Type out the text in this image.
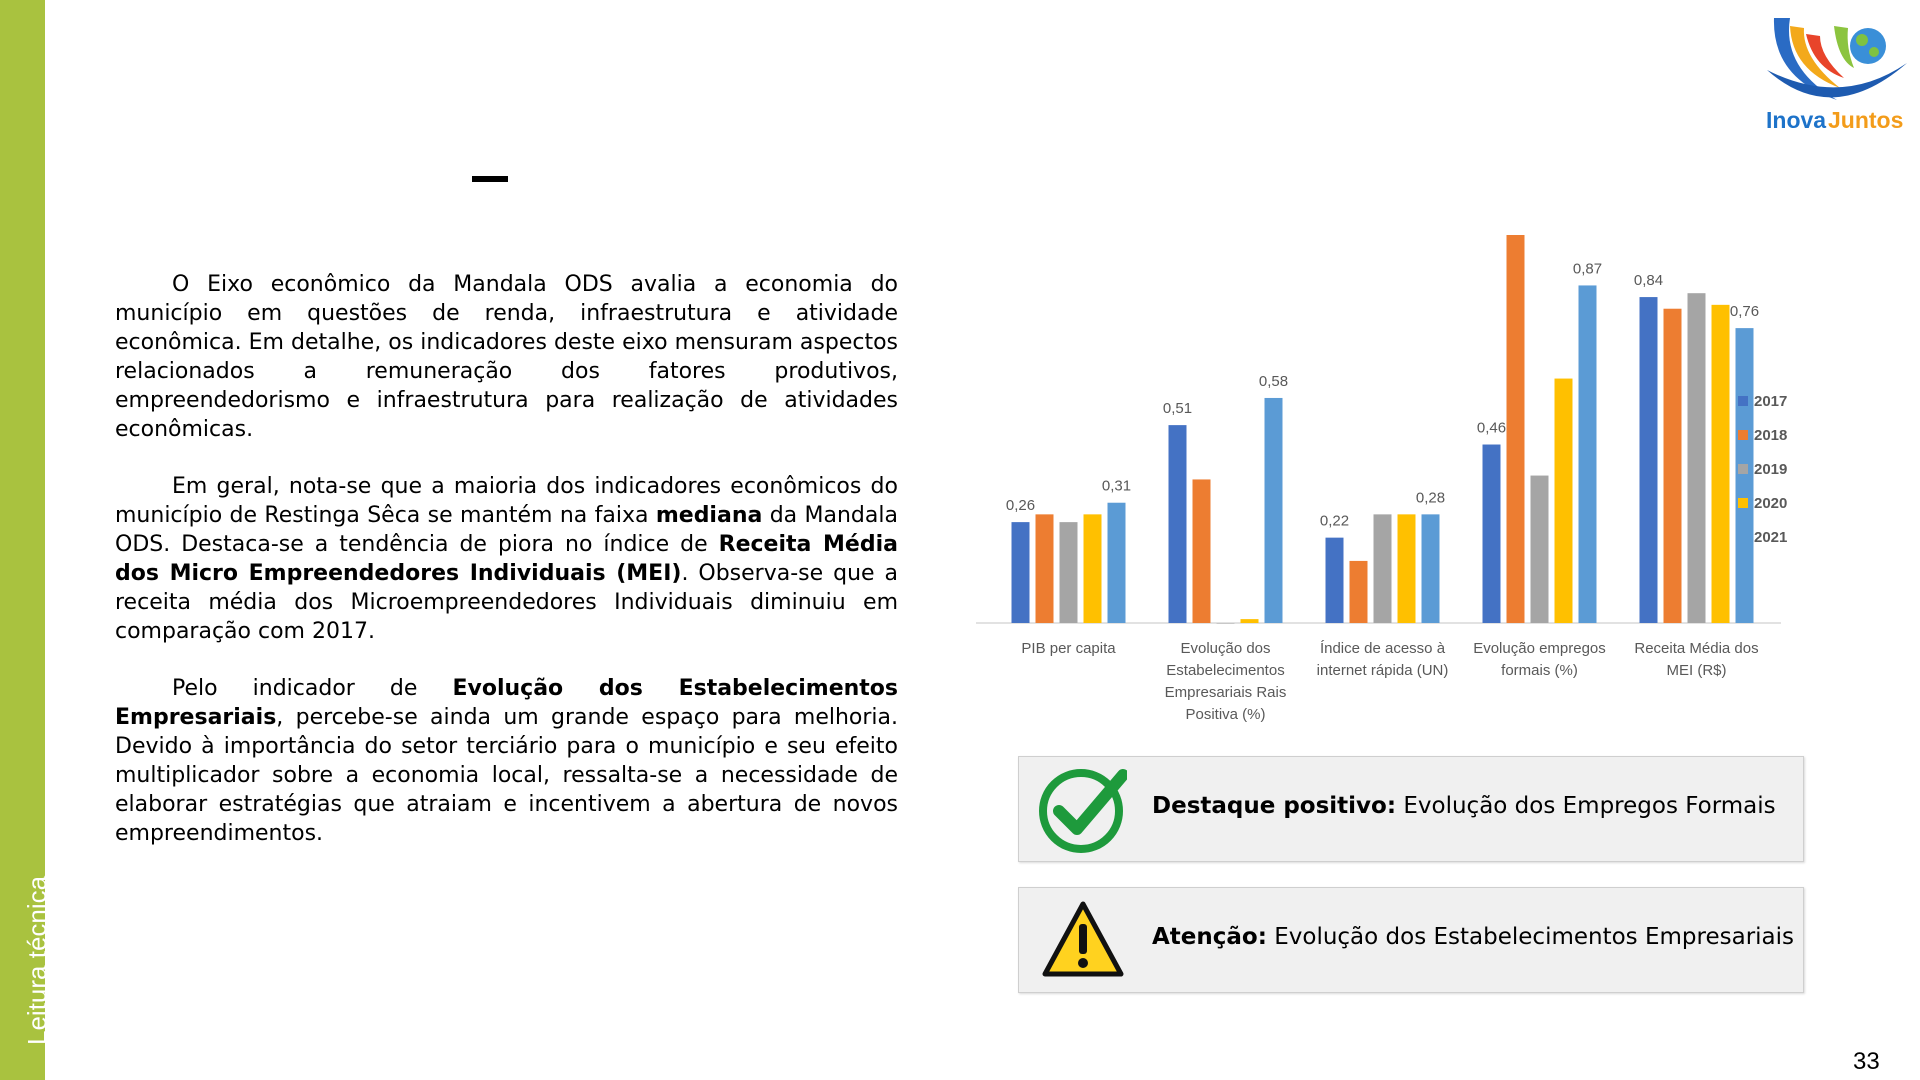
Leitura técnica
Inova Juntos

O Eixo econômico da Mandala ODS avalia a economia do município em questões de renda, infraestrutura e atividade econômica. Em detalhe, os indicadores deste eixo mensuram aspectos relacionados a remuneração dos fatores produtivos, empreendedorismo e infraestrutura para realização de atividades econômicas.

Em geral, nota-se que a maioria dos indicadores econômicos do município de Restinga Sêca se mantém na faixa mediana da Mandala ODS. Destaca-se a tendência de piora no índice de Receita Média dos Micro Empreendedores Individuais (MEI). Observa-se que a receita média dos Microempreendedores Individuais diminuiu em comparação com 2017.

Pelo indicador de Evolução dos Estabelecimentos Empresariais, percebe-se ainda um grande espaço para melhoria. Devido à importância do setor terciário para o município e seu efeito multiplicador sobre a economia local, ressalta-se a necessidade de elaborar estratégias que atraiam e incentivem a abertura de novos empreendimentos.

PIB per capita	Evolução dos Estabelecimentos Empresariais Rais Positiva (%)
Índice de acesso à internet rápida (UN)
Evolução empregos formais (%)
Receita Média dos MEI (R$)
0,26
0,31
0,51
0,58
0,22
0,28
0,46
0,87
0,84
0,76
2017
2018
2019
2020
2021
Destaque positivo: Evolução dos Empregos Formais
Atenção: Evolução dos Estabelecimentos Empresariais
33
